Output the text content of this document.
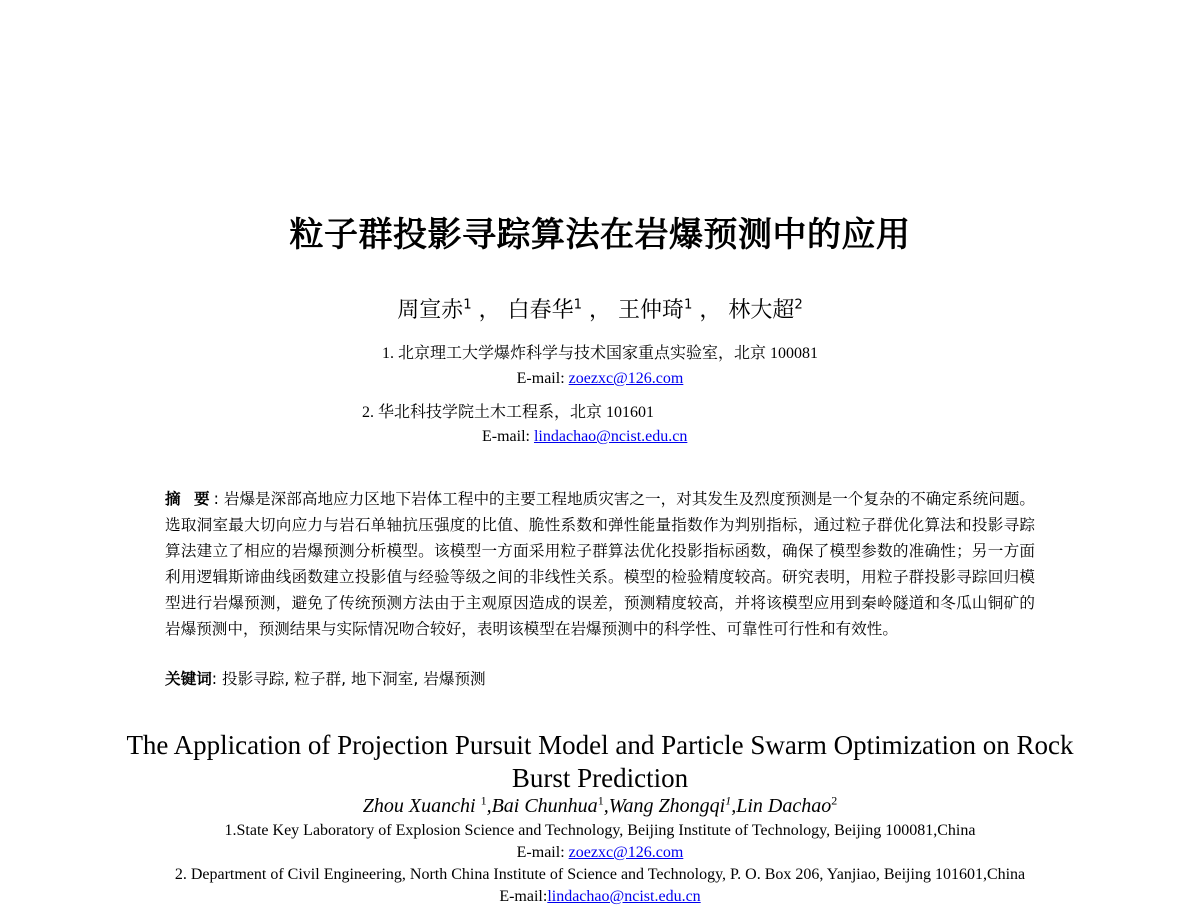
粒子群投影寻踪算法在岩爆预测中的应用
周宣赤$^1$ ， 白春华$^1$ ， 王仲琦$^1$ ， 林大超$^2$
1. 北京理工大学爆炸科学与技术国家重点实验室，北京 100081
E-mail: zoezxc@126.com
2. 华北科技学院土木工程系，北京 101601
E-mail: lindachao@ncist.edu.cn
摘 要: 岩爆是深部高地应力区地下岩体工程中的主要工程地质灾害之一，对其发生及烈度预测是一个复杂的不确定系统问题。选取洞室最大切向应力与岩石单轴抗压强度的比值、脆性系数和弹性能量指数作为判别指标，通过粒子群优化算法和投影寻踪算法建立了相应的岩爆预测分析模型。该模型一方面采用粒子群算法优化投影指标函数，确保了模型参数的准确性；另一方面利用逻辑斯谛曲线函数建立投影值与经验等级之间的非线性关系。模型的检验精度较高。研究表明，用粒子群投影寻踪回归模型进行岩爆预测，避免了传统预测方法由于主观原因造成的误差，预测精度较高，并将该模型应用到秦岭隧道和冬瓜山铜矿的岩爆预测中，预测结果与实际情况吻合较好，表明该模型在岩爆预测中的科学性、可靠性可行性和有效性。
关键词: 投影寻踪, 粒子群, 地下洞室, 岩爆预测
The Application of Projection Pursuit Model and Particle Swarm Optimization on Rock Burst Prediction
Zhou Xuanchi $^1$,Bai Chunhua$^1$,Wang Zhongqi$^1$,Lin Dachao$^2$
1.State Key Laboratory of Explosion Science and Technology, Beijing Institute of Technology, Beijing 100081,China
E-mail: zoezxc@126.com
2. Department of Civil Engineering, North China Institute of Science and Technology, P. O. Box 206, Yanjiao, Beijing 101601,China
E-mail:lindachao@ncist.edu.cn
